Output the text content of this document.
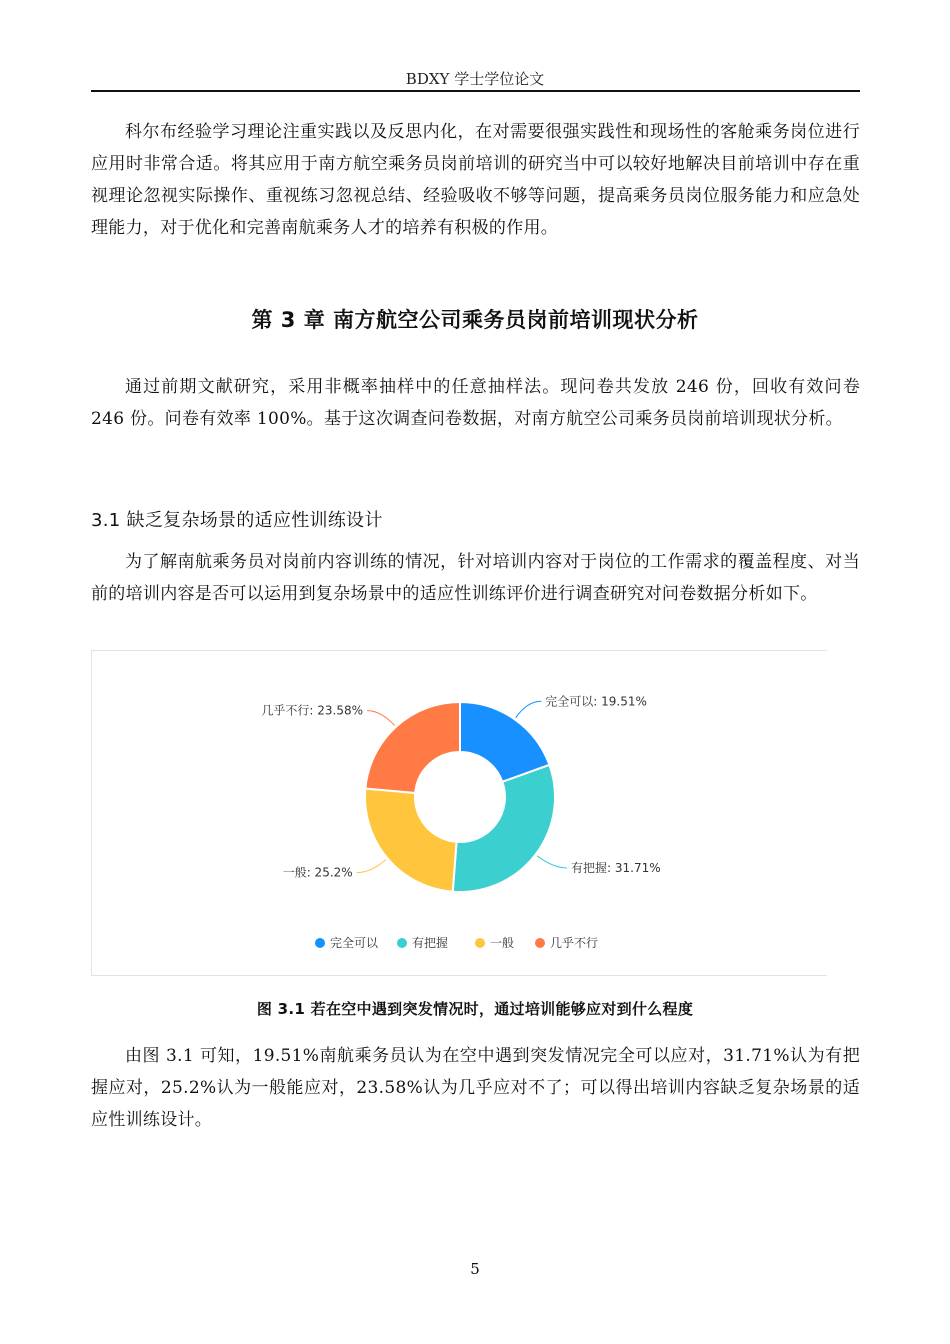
BDXY 学士学位论文

科尔布经验学习理论注重实践以及反思内化，在对需要很强实践性和现场性的客舱乘务岗位进行应用时非常合适。将其应用于南方航空乘务员岗前培训的研究当中可以较好地解决目前培训中存在重视理论忽视实际操作、重视练习忽视总结、经验吸收不够等问题，提高乘务员岗位服务能力和应急处理能力，对于优化和完善南航乘务人才的培养有积极的作用。

第 3 章 南方航空公司乘务员岗前培训现状分析

通过前期文献研究，采用非概率抽样中的任意抽样法。现问卷共发放 246 份，回收有效问卷 246 份。问卷有效率 100%。基于这次调查问卷数据，对南方航空公司乘务员岗前培训现状分析。

3.1 缺乏复杂场景的适应性训练设计

为了解南航乘务员对岗前内容训练的情况，针对培训内容对于岗位的工作需求的覆盖程度、对当前的培训内容是否可以运用到复杂场景中的适应性训练评价进行调查研究对问卷数据分析如下。

完全可以: 19.51%
有把握: 31.71%
一般: 25.2%
几乎不行: 23.58%
完全可以	有把握	一般	几乎不行
图 3.1 若在空中遇到突发情况时，通过培训能够应对到什么程度

由图 3.1 可知，19.51%南航乘务员认为在空中遇到突发情况完全可以应对，31.71%认为有把握应对，25.2%认为一般能应对，23.58%认为几乎应对不了；可以得出培训内容缺乏复杂场景的适应性训练设计。

5
